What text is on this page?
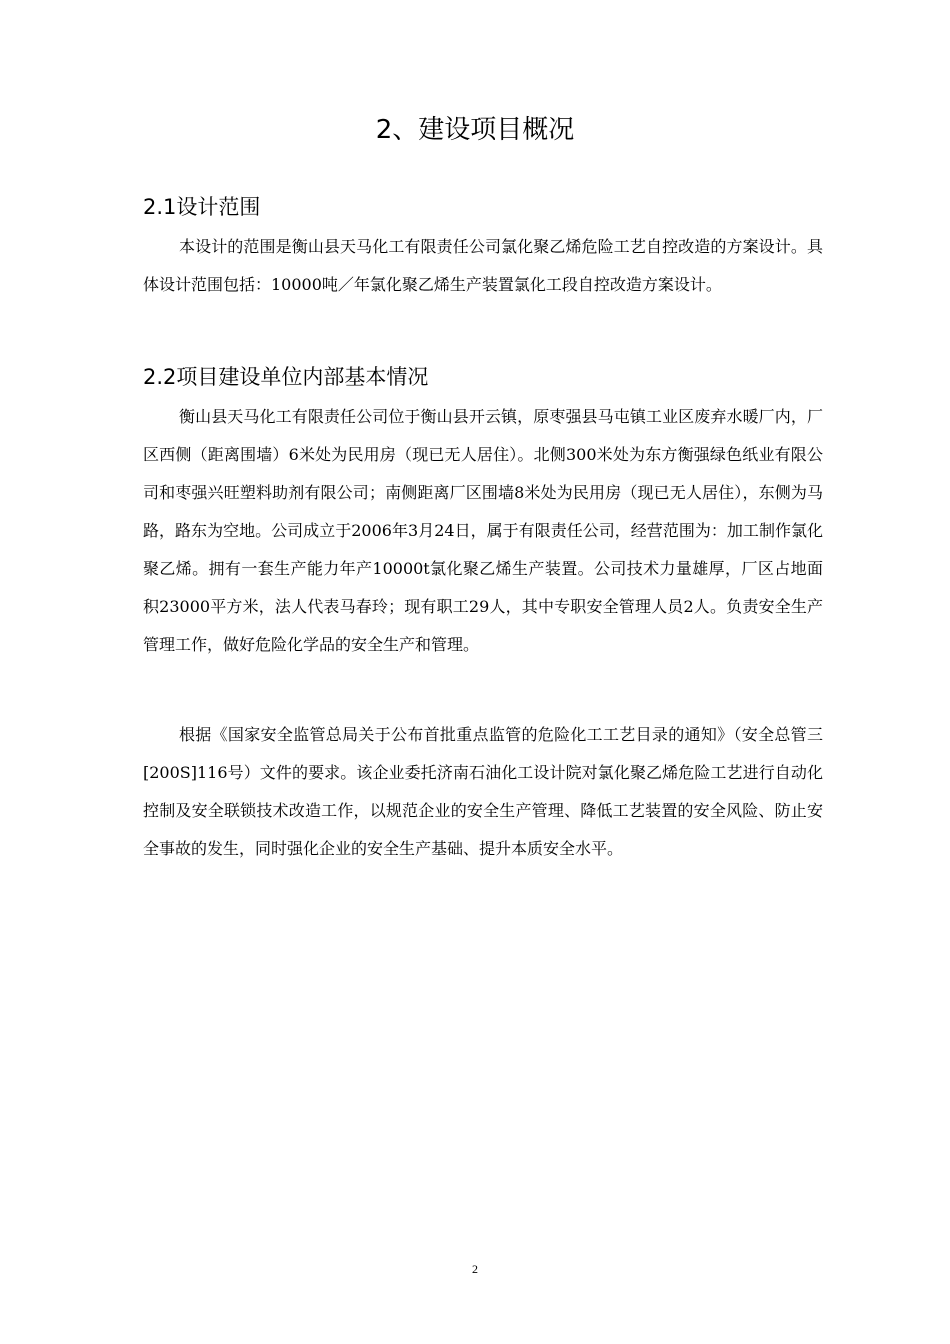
2、建设项目概况
2.1设计范围

本设计的范围是衡山县天马化工有限责任公司氯化聚乙烯危险工艺自控改造的方案设计。具体设计范围包括：10000吨／年氯化聚乙烯生产装置氯化工段自控改造方案设计。

2.2项目建设单位内部基本情况

衡山县天马化工有限责任公司位于衡山县开云镇，原枣强县马屯镇工业区废弃水暖厂内，厂区西侧（距离围墙）6米处为民用房（现已无人居住）。北侧300米处为东方衡强绿色纸业有限公司和枣强兴旺塑料助剂有限公司；南侧距离厂区围墙8米处为民用房（现已无人居住），东侧为马路，路东为空地。公司成立于2006年3月24日，属于有限责任公司，经营范围为：加工制作氯化聚乙烯。拥有一套生产能力年产10000t氯化聚乙烯生产装置。公司技术力量雄厚，厂区占地面积23000平方米，法人代表马春玲；现有职工29人，其中专职安全管理人员2人。负责安全生产管理工作，做好危险化学品的安全生产和管理。

根据《国家安全监管总局关于公布首批重点监管的危险化工工艺目录的通知》（安全总管三[200S]116号）文件的要求。该企业委托济南石油化工设计院对氯化聚乙烯危险工艺进行自动化控制及安全联锁技术改造工作，以规范企业的安全生产管理、降低工艺装置的安全风险、防止安全事故的发生，同时强化企业的安全生产基础、提升本质安全水平。

2
